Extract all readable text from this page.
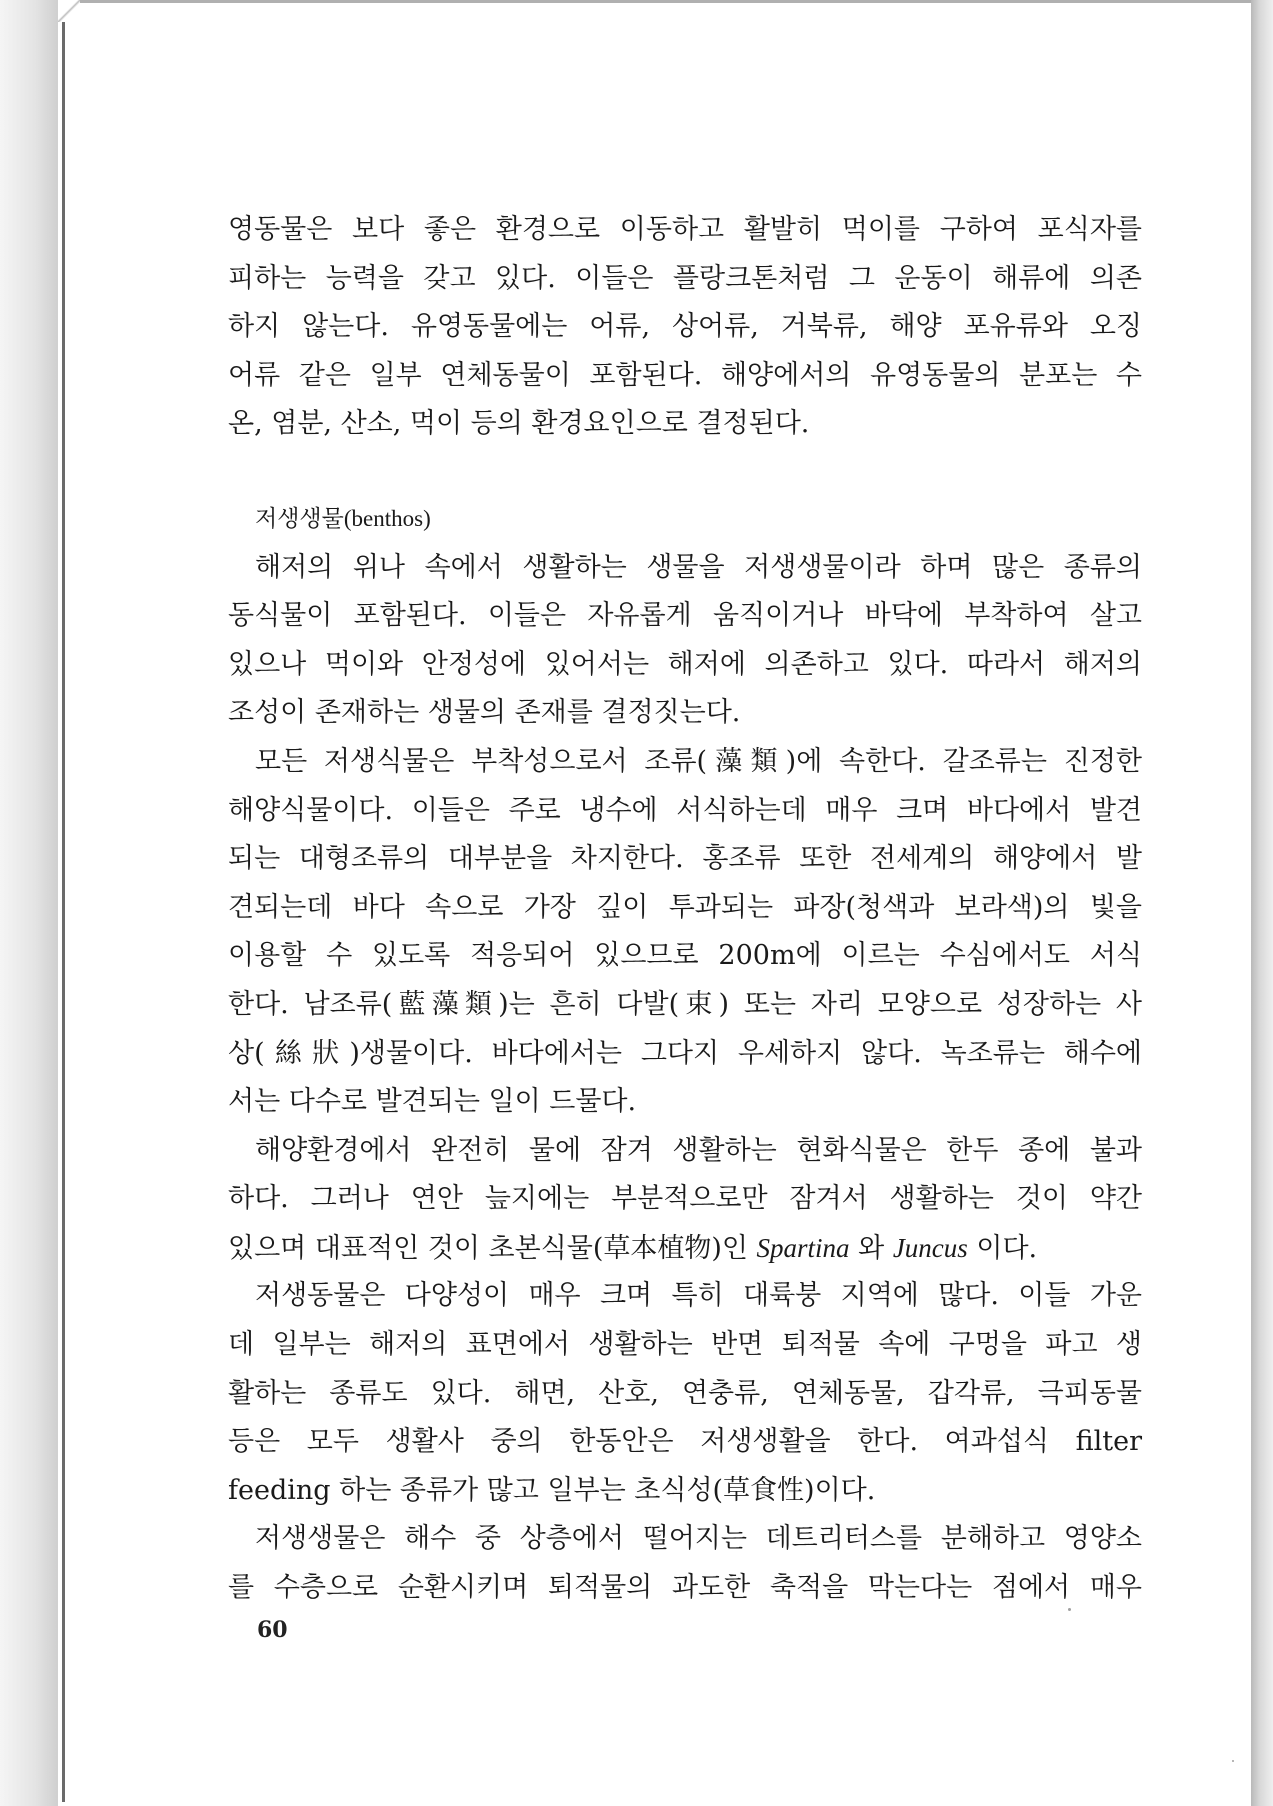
영동물은 보다 좋은 환경으로 이동하고 활발히 먹이를 구하여 포식자를
피하는 능력을 갖고 있다. 이들은 플랑크톤처럼 그 운동이 해류에 의존
하지 않는다. 유영동물에는 어류, 상어류, 거북류, 해양 포유류와 오징
어류 같은 일부 연체동물이 포함된다. 해양에서의 유영동물의 분포는 수
온, 염분, 산소, 먹이 등의 환경요인으로 결정된다.
저생생물(benthos)
해저의 위나 속에서 생활하는 생물을 저생생물이라 하며 많은 종류의
동식물이 포함된다. 이들은 자유롭게 움직이거나 바닥에 부착하여 살고
있으나 먹이와 안정성에 있어서는 해저에 의존하고 있다. 따라서 해저의
조성이 존재하는 생물의 존재를 결정짓는다.
모든 저생식물은 부착성으로서 조류(藻類)에 속한다. 갈조류는 진정한
해양식물이다. 이들은 주로 냉수에 서식하는데 매우 크며 바다에서 발견
되는 대형조류의 대부분을 차지한다. 홍조류 또한 전세계의 해양에서 발
견되는데 바다 속으로 가장 깊이 투과되는 파장(청색과 보라색)의 빛을
이용할 수 있도록 적응되어 있으므로 200m에 이르는 수심에서도 서식
한다. 남조류(藍藻類)는 흔히 다발(束) 또는 자리 모양으로 성장하는 사
상(絲狀)생물이다. 바다에서는 그다지 우세하지 않다. 녹조류는 해수에
서는 다수로 발견되는 일이 드물다.
해양환경에서 완전히 물에 잠겨 생활하는 현화식물은 한두 종에 불과
하다. 그러나 연안 늪지에는 부분적으로만 잠겨서 생활하는 것이 약간
있으며 대표적인 것이 초본식물(草本植物)인 Spartina 와 Juncus 이다.
저생동물은 다양성이 매우 크며 특히 대륙붕 지역에 많다. 이들 가운
데 일부는 해저의 표면에서 생활하는 반면 퇴적물 속에 구멍을 파고 생
활하는 종류도 있다. 해면, 산호, 연충류, 연체동물, 갑각류, 극피동물
등은 모두 생활사 중의 한동안은 저생생활을 한다. 여과섭식 filter
feeding 하는 종류가 많고 일부는 초식성(草食性)이다.
저생생물은 해수 중 상층에서 떨어지는 데트리터스를 분해하고 영양소
를 수층으로 순환시키며 퇴적물의 과도한 축적을 막는다는 점에서 매우
60
